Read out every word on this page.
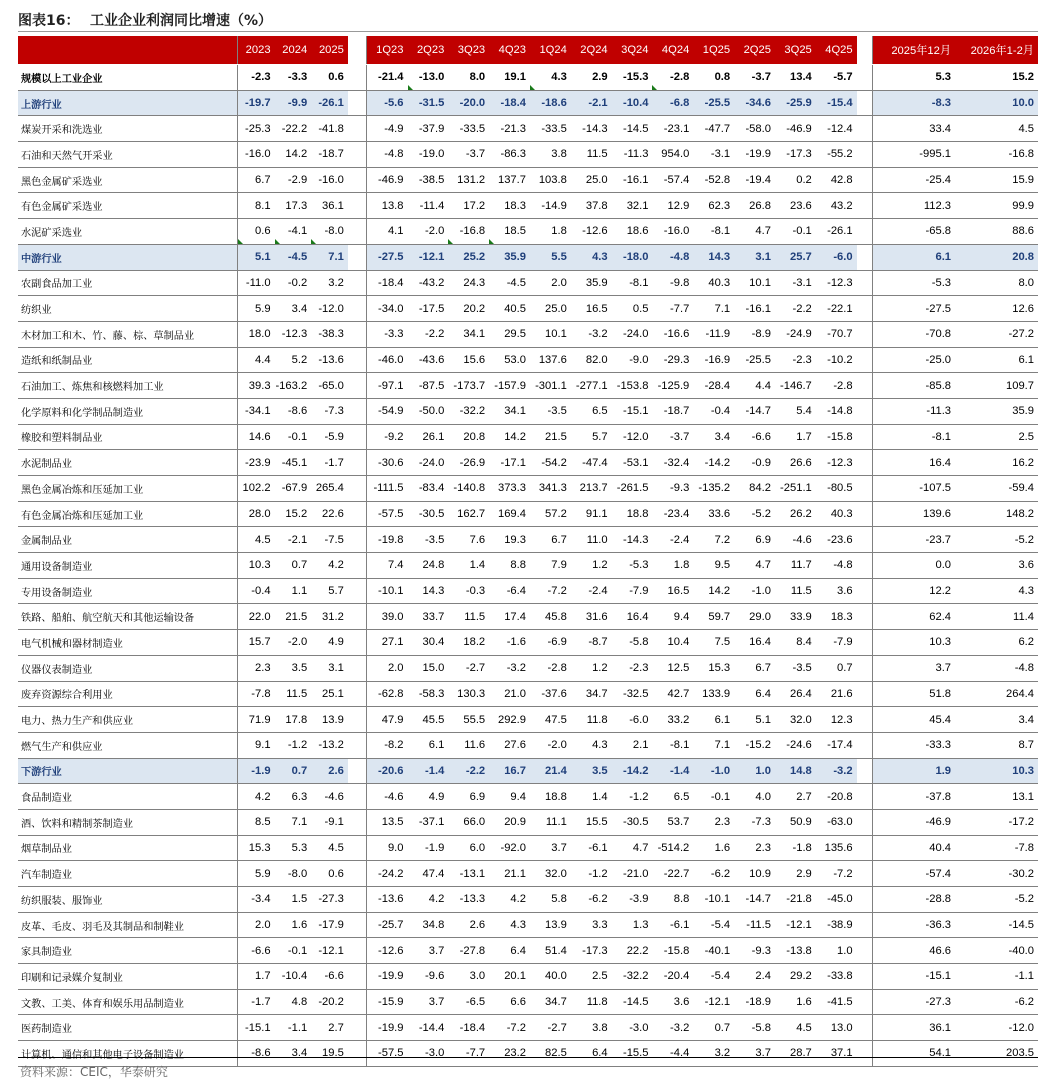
图表16： 工业企业利润同比增速（%）
	2023	2024	2025		1Q23	2Q23	3Q23	4Q23	1Q24	2Q24	3Q24	4Q24	1Q25	2Q25	3Q25	4Q25		2025年12月	2026年1-2月
规模以上工业企业	-2.3	-3.3	0.6		-21.4	-13.0	8.0	19.1	4.3	2.9	-15.3	-2.8	0.8	-3.7	13.4	-5.7		5.3	15.2
上游行业	-19.7	-9.9	-26.1		-5.6	-31.5	-20.0	-18.4	-18.6	-2.1	-10.4	-6.8	-25.5	-34.6	-25.9	-15.4		-8.3	10.0
煤炭开采和洗选业	-25.3	-22.2	-41.8		-4.9	-37.9	-33.5	-21.3	-33.5	-14.3	-14.5	-23.1	-47.7	-58.0	-46.9	-12.4		33.4	4.5
石油和天然气开采业	-16.0	14.2	-18.7		-4.8	-19.0	-3.7	-86.3	3.8	11.5	-11.3	954.0	-3.1	-19.9	-17.3	-55.2		-995.1	-16.8
黑色金属矿采选业	6.7	-2.9	-16.0		-46.9	-38.5	131.2	137.7	103.8	25.0	-16.1	-57.4	-52.8	-19.4	0.2	42.8		-25.4	15.9
有色金属矿采选业	8.1	17.3	36.1		13.8	-11.4	17.2	18.3	-14.9	37.8	32.1	12.9	62.3	26.8	23.6	43.2		112.3	99.9
水泥矿采选业	0.6	-4.1	-8.0		4.1	-2.0	-16.8	18.5	1.8	-12.6	18.6	-16.0	-8.1	4.7	-0.1	-26.1		-65.8	88.6
中游行业	5.1	-4.5	7.1		-27.5	-12.1	25.2	35.9	5.5	4.3	-18.0	-4.8	14.3	3.1	25.7	-6.0		6.1	20.8
农副食品加工业	-11.0	-0.2	3.2		-18.4	-43.2	24.3	-4.5	2.0	35.9	-8.1	-9.8	40.3	10.1	-3.1	-12.3		-5.3	8.0
纺织业	5.9	3.4	-12.0		-34.0	-17.5	20.2	40.5	25.0	16.5	0.5	-7.7	7.1	-16.1	-2.2	-22.1		-27.5	12.6
木材加工和木、竹、藤、棕、草制品业	18.0	-12.3	-38.3		-3.3	-2.2	34.1	29.5	10.1	-3.2	-24.0	-16.6	-11.9	-8.9	-24.9	-70.7		-70.8	-27.2
造纸和纸制品业	4.4	5.2	-13.6		-46.0	-43.6	15.6	53.0	137.6	82.0	-9.0	-29.3	-16.9	-25.5	-2.3	-10.2		-25.0	6.1
石油加工、炼焦和核燃料加工业	39.3	-163.2	-65.0		-97.1	-87.5	-173.7	-157.9	-301.1	-277.1	-153.8	-125.9	-28.4	4.4	-146.7	-2.8		-85.8	109.7
化学原料和化学制品制造业	-34.1	-8.6	-7.3		-54.9	-50.0	-32.2	34.1	-3.5	6.5	-15.1	-18.7	-0.4	-14.7	5.4	-14.8		-11.3	35.9
橡胶和塑料制品业	14.6	-0.1	-5.9		-9.2	26.1	20.8	14.2	21.5	5.7	-12.0	-3.7	3.4	-6.6	1.7	-15.8		-8.1	2.5
水泥制品业	-23.9	-45.1	-1.7		-30.6	-24.0	-26.9	-17.1	-54.2	-47.4	-53.1	-32.4	-14.2	-0.9	26.6	-12.3		16.4	16.2
黑色金属冶炼和压延加工业	102.2	-67.9	265.4		-111.5	-83.4	-140.8	373.3	341.3	213.7	-261.5	-9.3	-135.2	84.2	-251.1	-80.5		-107.5	-59.4
有色金属冶炼和压延加工业	28.0	15.2	22.6		-57.5	-30.5	162.7	169.4	57.2	91.1	18.8	-23.4	33.6	-5.2	26.2	40.3		139.6	148.2
金属制品业	4.5	-2.1	-7.5		-19.8	-3.5	7.6	19.3	6.7	11.0	-14.3	-2.4	7.2	6.9	-4.6	-23.6		-23.7	-5.2
通用设备制造业	10.3	0.7	4.2		7.4	24.8	1.4	8.8	7.9	1.2	-5.3	1.8	9.5	4.7	11.7	-4.8		0.0	3.6
专用设备制造业	-0.4	1.1	5.7		-10.1	14.3	-0.3	-6.4	-7.2	-2.4	-7.9	16.5	14.2	-1.0	11.5	3.6		12.2	4.3
铁路、船舶、航空航天和其他运输设备	22.0	21.5	31.2		39.0	33.7	11.5	17.4	45.8	31.6	16.4	9.4	59.7	29.0	33.9	18.3		62.4	11.4
电气机械和器材制造业	15.7	-2.0	4.9		27.1	30.4	18.2	-1.6	-6.9	-8.7	-5.8	10.4	7.5	16.4	8.4	-7.9		10.3	6.2
仪器仪表制造业	2.3	3.5	3.1		2.0	15.0	-2.7	-3.2	-2.8	1.2	-2.3	12.5	15.3	6.7	-3.5	0.7		3.7	-4.8
废弃资源综合利用业	-7.8	11.5	25.1		-62.8	-58.3	130.3	21.0	-37.6	34.7	-32.5	42.7	133.9	6.4	26.4	21.6		51.8	264.4
电力、热力生产和供应业	71.9	17.8	13.9		47.9	45.5	55.5	292.9	47.5	11.8	-6.0	33.2	6.1	5.1	32.0	12.3		45.4	3.4
燃气生产和供应业	9.1	-1.2	-13.2		-8.2	6.1	11.6	27.6	-2.0	4.3	2.1	-8.1	7.1	-15.2	-24.6	-17.4		-33.3	8.7
下游行业	-1.9	0.7	2.6		-20.6	-1.4	-2.2	16.7	21.4	3.5	-14.2	-1.4	-1.0	1.0	14.8	-3.2		1.9	10.3
食品制造业	4.2	6.3	-4.6		-4.6	4.9	6.9	9.4	18.8	1.4	-1.2	6.5	-0.1	4.0	2.7	-20.8		-37.8	13.1
酒、饮料和精制茶制造业	8.5	7.1	-9.1		13.5	-37.1	66.0	20.9	11.1	15.5	-30.5	53.7	2.3	-7.3	50.9	-63.0		-46.9	-17.2
烟草制品业	15.3	5.3	4.5		9.0	-1.9	6.0	-92.0	3.7	-6.1	4.7	-514.2	1.6	2.3	-1.8	135.6		40.4	-7.8
汽车制造业	5.9	-8.0	0.6		-24.2	47.4	-13.1	21.1	32.0	-1.2	-21.0	-22.7	-6.2	10.9	2.9	-7.2		-57.4	-30.2
纺织服装、服饰业	-3.4	1.5	-27.3		-13.6	4.2	-13.3	4.2	5.8	-6.2	-3.9	8.8	-10.1	-14.7	-21.8	-45.0		-28.8	-5.2
皮革、毛皮、羽毛及其制品和制鞋业	2.0	1.6	-17.9		-25.7	34.8	2.6	4.3	13.9	3.3	1.3	-6.1	-5.4	-11.5	-12.1	-38.9		-36.3	-14.5
家具制造业	-6.6	-0.1	-12.1		-12.6	3.7	-27.8	6.4	51.4	-17.3	22.2	-15.8	-40.1	-9.3	-13.8	1.0		46.6	-40.0
印刷和记录媒介复制业	1.7	-10.4	-6.6		-19.9	-9.6	3.0	20.1	40.0	2.5	-32.2	-20.4	-5.4	2.4	29.2	-33.8		-15.1	-1.1
文教、工美、体育和娱乐用品制造业	-1.7	4.8	-20.2		-15.9	3.7	-6.5	6.6	34.7	11.8	-14.5	3.6	-12.1	-18.9	1.6	-41.5		-27.3	-6.2
医药制造业	-15.1	-1.1	2.7		-19.9	-14.4	-18.4	-7.2	-2.7	3.8	-3.0	-3.2	0.7	-5.8	4.5	13.0		36.1	-12.0
计算机、通信和其他电子设备制造业	-8.6	3.4	19.5		-57.5	-3.0	-7.7	23.2	82.5	6.4	-15.5	-4.4	3.2	3.7	28.7	37.1		54.1	203.5
资料来源：CEIC，华泰研究
